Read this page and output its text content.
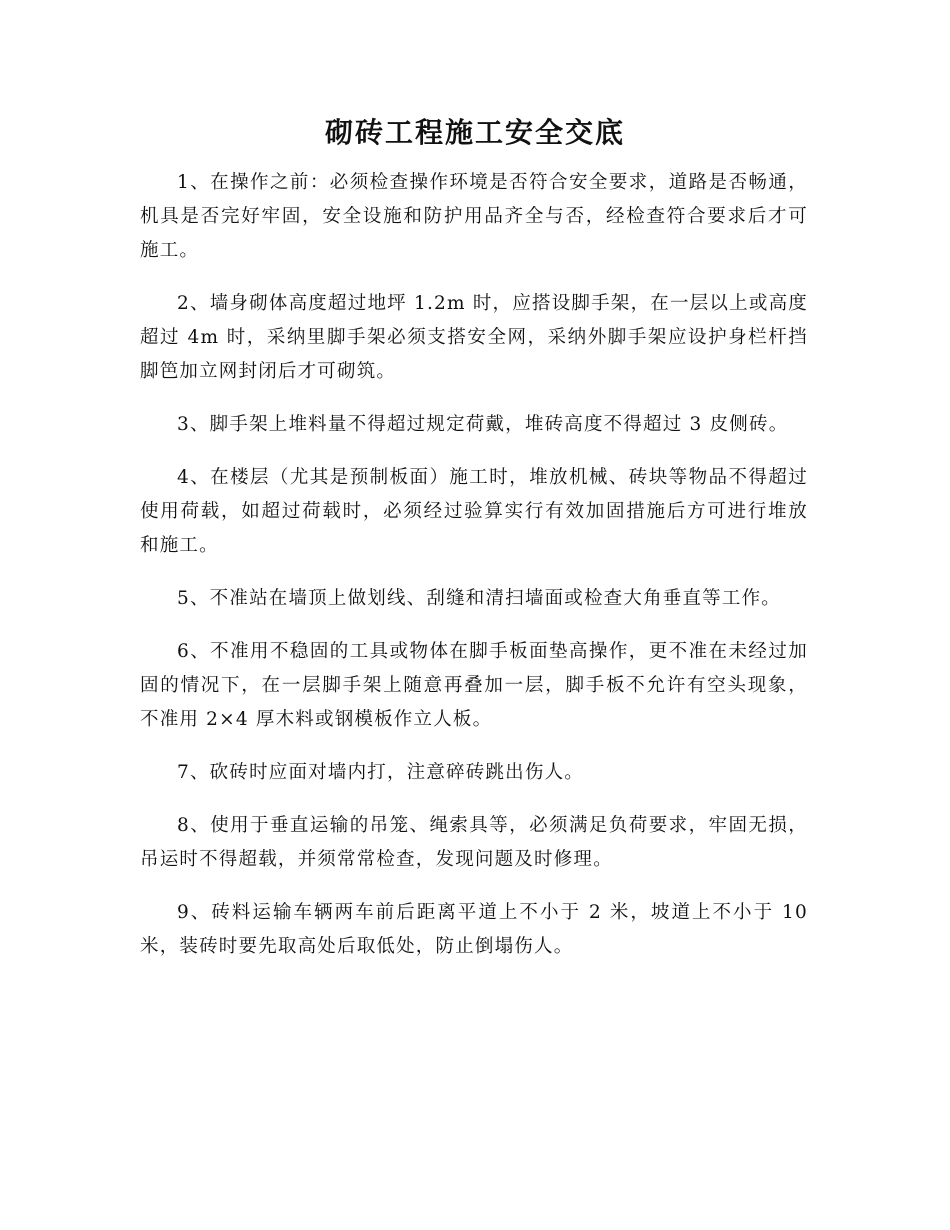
砌砖工程施工安全交底

1、在操作之前：必须检查操作环境是否符合安全要求，道路是否畅通，机具是否完好牢固，安全设施和防护用品齐全与否，经检查符合要求后才可施工。

2、墙身砌体高度超过地坪 1.2m 时，应搭设脚手架，在一层以上或高度超过 4m 时，采纳里脚手架必须支搭安全网，采纳外脚手架应设护身栏杆挡脚笆加立网封闭后才可砌筑。

3、脚手架上堆料量不得超过规定荷戴，堆砖高度不得超过 3 皮侧砖。

4、在楼层（尤其是预制板面）施工时，堆放机械、砖块等物品不得超过使用荷载，如超过荷载时，必须经过验算实行有效加固措施后方可进行堆放和施工。

5、不准站在墙顶上做划线、刮缝和清扫墙面或检查大角垂直等工作。

6、不准用不稳固的工具或物体在脚手板面垫高操作，更不准在未经过加固的情况下，在一层脚手架上随意再叠加一层，脚手板不允许有空头现象，不准用 2×4 厚木料或钢模板作立人板。

7、砍砖时应面对墙内打，注意碎砖跳出伤人。

8、使用于垂直运输的吊笼、绳索具等，必须满足负荷要求，牢固无损，吊运时不得超载，并须常常检查，发现问题及时修理。

9、砖料运输车辆两车前后距离平道上不小于 2 米，坡道上不小于 10 米，装砖时要先取高处后取低处，防止倒塌伤人。
